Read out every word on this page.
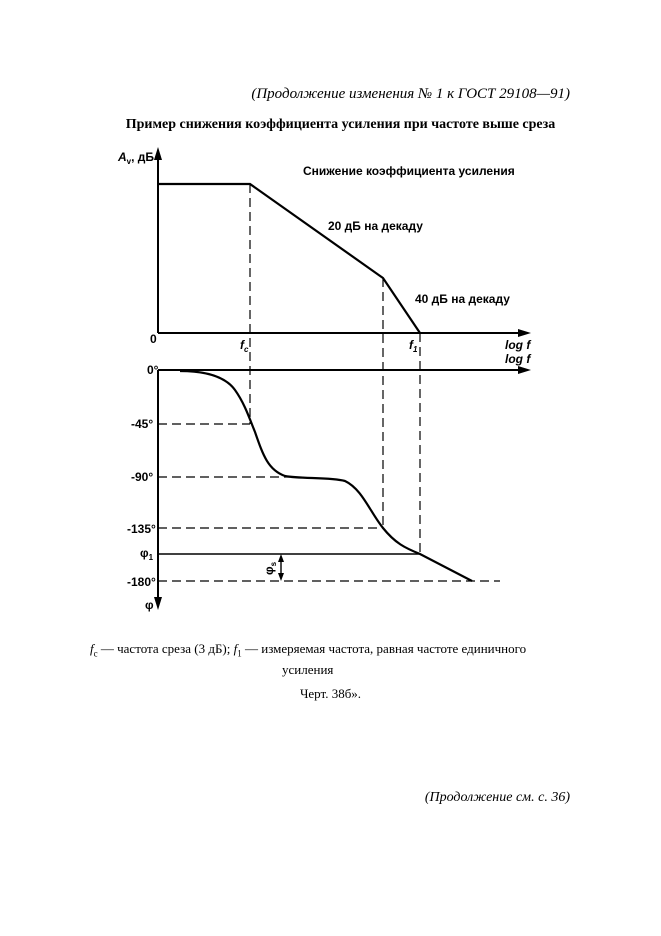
(Продолжение изменения № 1 к ГОСТ 29108—91)
Пример снижения коэффициента усиления при частоте выше среза
$A_v$, дБ
0
Снижение коэффициента усиления
20 дБ на декаду
40 дБ на декаду
log f
$f_c$	$f_1$
log f
φ
0°
-45°
-90°
-135°
$\varphi_1$
-180°
$\varphi_s$
$f_c$ — частота среза (3 дБ); $f_1$ — измеряемая частота, равная частоте единичного
усиления
Черт. 38б».
(Продолжение см. с. 36)
